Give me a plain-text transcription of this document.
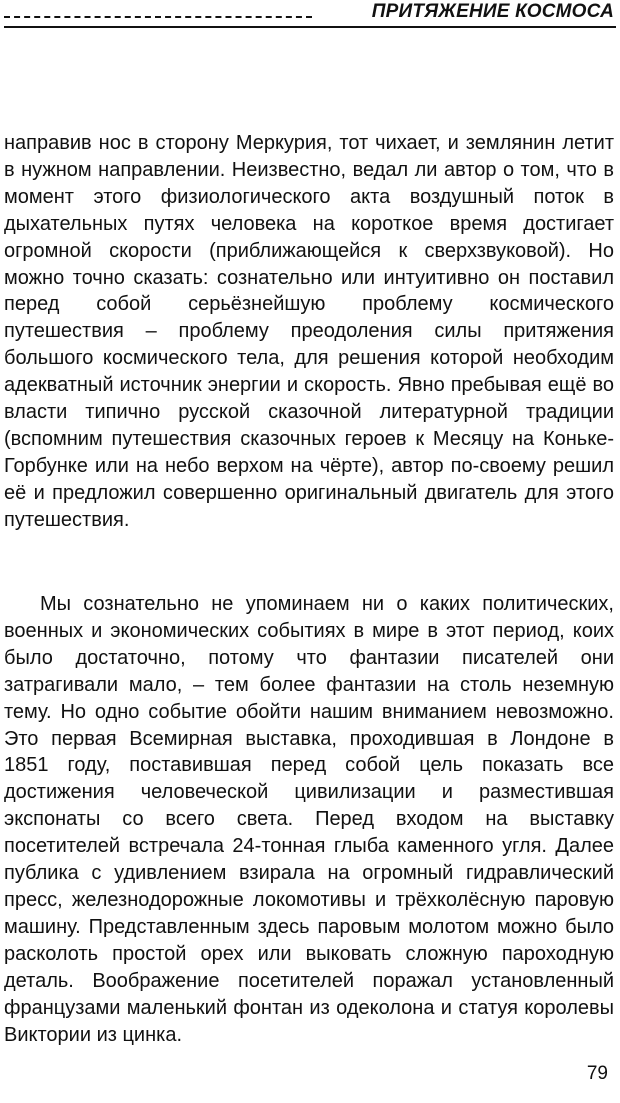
ПРИТЯЖЕНИЕ КОСМОСА

направив нос в сторону Меркурия, тот чихает, и землянин летит в нужном направлении. Неизвестно, ведал ли автор о том, что в момент этого физиологического акта воздушный поток в дыхательных путях человека на короткое время достигает огромной скорости (приближающейся к сверхзвуковой). Но можно точно сказать: сознательно или интуитивно он поставил перед собой серьёзнейшую проблему космического путешествия – проблему преодоления силы притяжения большого космического тела, для решения которой необходим адекватный источник энергии и скорость. Явно пребывая ещё во власти типично русской сказочной литературной традиции (вспомним путешествия сказочных героев к Месяцу на Коньке-Горбунке или на небо верхом на чёрте), автор по-своему решил её и предложил совершенно оригинальный двигатель для этого путешествия.

Мы сознательно не упоминаем ни о каких политических, военных и экономических событиях в мире в этот период, коих было достаточно, потому что фантазии писателей они затрагивали мало, – тем более фантазии на столь неземную тему. Но одно событие обойти нашим вниманием невозможно. Это первая Всемирная выставка, проходившая в Лондоне в 1851 году, поставившая перед собой цель показать все достижения человеческой цивилизации и разместившая экспонаты со всего света. Перед входом на выставку посетителей встречала 24-тонная глыба каменного угля. Далее публика с удивлением взирала на огромный гидравлический пресс, железнодорожные локомотивы и трёхколёсную паровую машину. Представленным здесь паровым молотом можно было расколоть простой орех или выковать сложную пароходную деталь. Воображение посетителей поражал установленный французами маленький фонтан из одеколона и статуя королевы Виктории из цинка.

79
